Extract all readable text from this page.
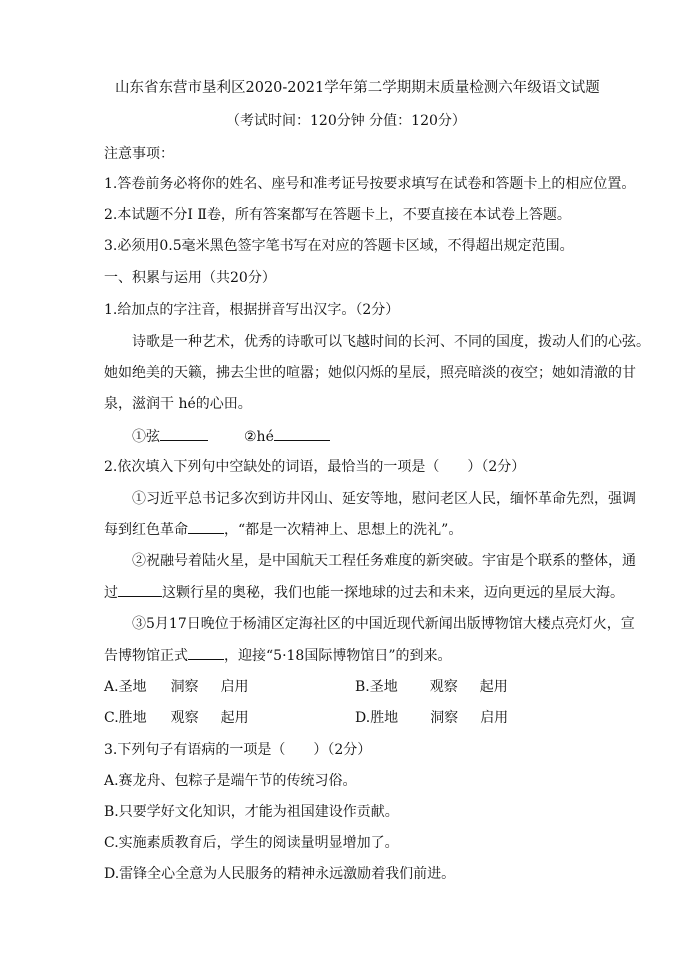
山东省东营市垦利区2020-2021学年第二学期期末质量检测六年级语文试题
（考试时间：120分钟 分值：120分）
注意事项：
1.答卷前务必将你的姓名、座号和准考证号按要求填写在试卷和答题卡上的相应位置。
2.本试题不分Ⅰ Ⅱ卷，所有答案都写在答题卡上，不要直接在本试卷上答题。
3.必须用0.5毫米黑色签字笔书写在对应的答题卡区域，不得超出规定范围。
一、积累与运用（共20分）
1.给加点的字注音，根据拼音写出汉字。（2分）
诗歌是一种艺术，优秀的诗歌可以飞越时间的长河、不同的国度，拨动人们的心弦。
她如绝美的天籁，拂去尘世的喧嚣；她似闪烁的星辰，照亮暗淡的夜空；她如清澈的甘
泉，滋润干 hé的心田。
①弦	②hé
2.依次填入下列句中空缺处的词语，最恰当的一项是（　　）（2分）
①习近平总书记多次到访井冈山、延安等地，慰问老区人民，缅怀革命先烈，强调
每到红色革命	，“都是一次精神上、思想上的洗礼”。
②祝融号着陆火星，是中国航天工程任务难度的新突破。宇宙是个联系的整体，通
过	这颗行星的奥秘，我们也能一探地球的过去和未来，迈向更远的星辰大海。
③5月17日晚位于杨浦区定海社区的中国近现代新闻出版博物馆大楼点亮灯火，宣
告博物馆正式	，迎接“5·18国际博物馆日”的到来。
A.圣地 洞察 启用	B.圣地 观察 起用
C.胜地 观察 起用	D.胜地 洞察 启用
3.下列句子有语病的一项是（　　）（2分）
A.赛龙舟、包粽子是端午节的传统习俗。
B.只要学好文化知识，才能为祖国建设作贡献。
C.实施素质教育后，学生的阅读量明显增加了。
D.雷锋全心全意为人民服务的精神永远激励着我们前进。
